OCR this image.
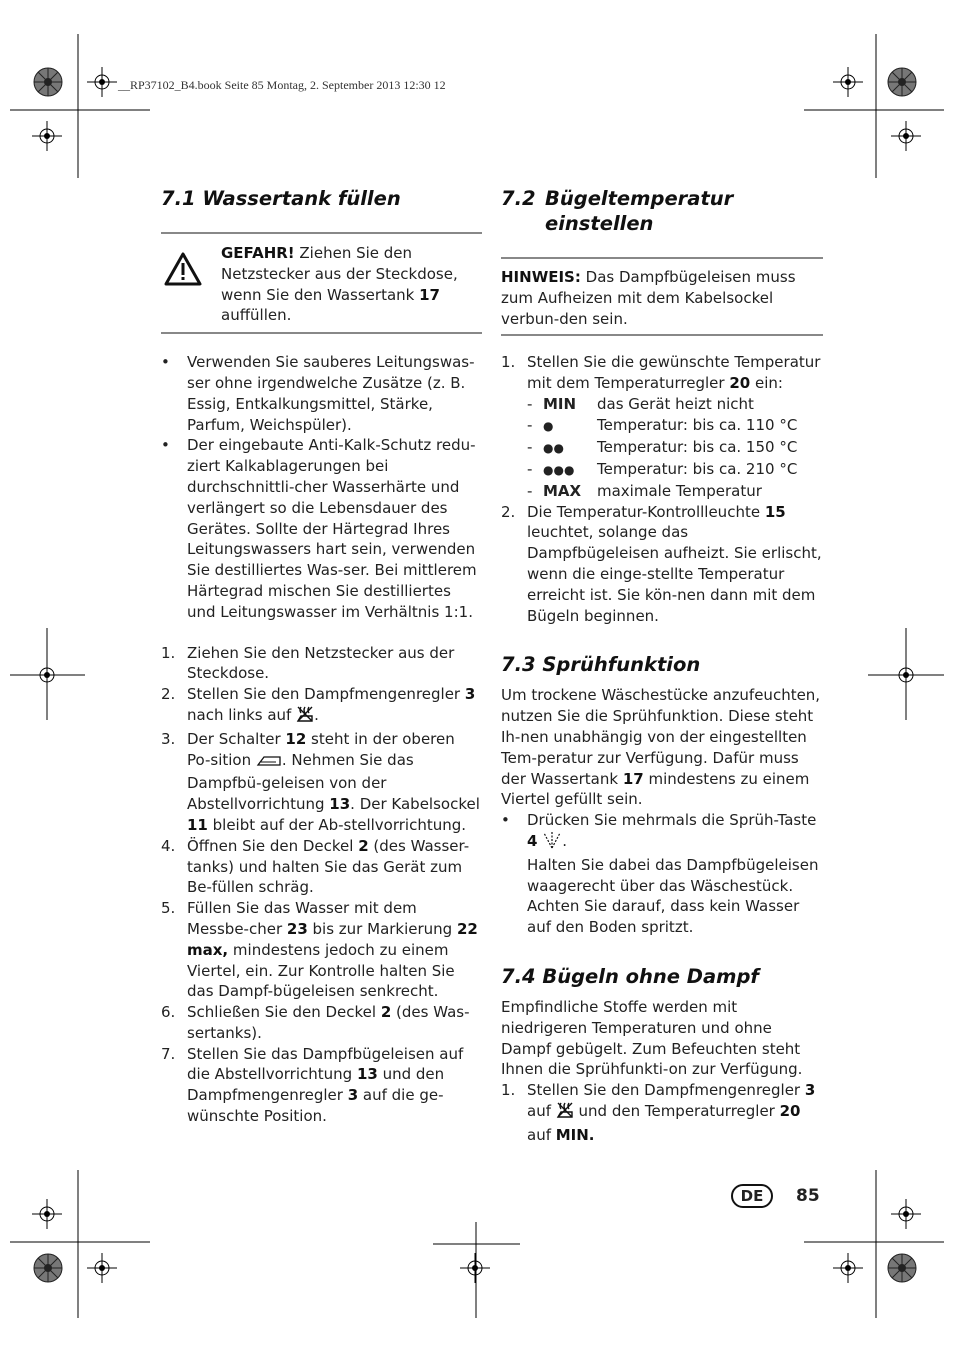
__RP37102_B4.book Seite 85 Montag, 2. September 2013 12:30 12
7.1 Wassertank füllen
GEFAHR! Ziehen Sie den Netzstecker aus der Steckdose, wenn Sie den Wassertank 17 auffüllen.
•	Verwenden Sie sauberes Leitungswas-ser ohne irgendwelche Zusätze (z. B. Essig, Entkalkungsmittel, Stärke, Parfum, Weichspüler).
•	Der eingebaute Anti-Kalk-Schutz redu-ziert Kalkablagerungen bei durchschnittli-cher Wasserhärte und verlängert so die Lebensdauer des Gerätes. Sollte der Härtegrad Ihres Leitungswassers hart sein, verwenden Sie destilliertes Was-ser. Bei mittlerem Härtegrad mischen Sie destilliertes und Leitungswasser im Verhältnis 1:1.
1. Ziehen Sie den Netzstecker aus der Steckdose.
2. Stellen Sie den Dampfmengenregler 3 nach links auf .
3. Der Schalter 12 steht in der oberen Po-sition . Nehmen Sie das Dampfbü-geleisen von der Abstellvorrichtung 13. Der Kabelsockel 11 bleibt auf der Ab-stellvorrichtung.
4. Öffnen Sie den Deckel 2 (des Wasser-tanks) und halten Sie das Gerät zum Be-füllen schräg.
5. Füllen Sie das Wasser mit dem Messbe-cher 23 bis zur Markierung 22 max, mindestens jedoch zu einem Viertel, ein. Zur Kontrolle halten Sie das Dampf-bügeleisen senkrecht.
6. Schließen Sie den Deckel 2 (des Was-sertanks).
7. Stellen Sie das Dampfbügeleisen auf die Abstellvorrichtung 13 und den Dampfmengenregler 3 auf die ge-wünschte Position.
7.2 Bügeltemperatur
einstellen
HINWEIS: Das Dampfbügeleisen muss zum Aufheizen mit dem Kabelsockel verbun-den sein.
1. Stellen Sie die gewünschte Temperatur mit dem Temperaturregler 20 ein:
- MIN	das Gerät heizt nicht
- ●	Temperatur: bis ca. 110 °C
- ●●	Temperatur: bis ca. 150 °C
- ●●●	Temperatur: bis ca. 210 °C
- MAX	maximale Temperatur
2. Die Temperatur-Kontrollleuchte 15 leuchtet, solange das Dampfbügeleisen aufheizt. Sie erlischt, wenn die einge-stellte Temperatur erreicht ist. Sie kön-nen dann mit dem Bügeln beginnen.
7.3 Sprühfunktion
Um trockene Wäschestücke anzufeuchten, nutzen Sie die Sprühfunktion. Diese steht Ih-nen unabhängig von der eingestellten Tem-peratur zur Verfügung. Dafür muss der Wassertank 17 mindestens zu einem Viertel gefüllt sein.
•	Drücken Sie mehrmals die Sprüh-Taste 4 .
Halten Sie dabei das Dampfbügeleisen waagerecht über das Wäschestück. Achten Sie darauf, dass kein Wasser auf den Boden spritzt.
7.4 Bügeln ohne Dampf
Empfindliche Stoffe werden mit niedrigeren Temperaturen und ohne Dampf gebügelt. Zum Befeuchten steht Ihnen die Sprühfunkti-on zur Verfügung.
1. Stellen Sie den Dampfmengenregler 3 auf  und den Temperaturregler 20 auf MIN.
DE	85
